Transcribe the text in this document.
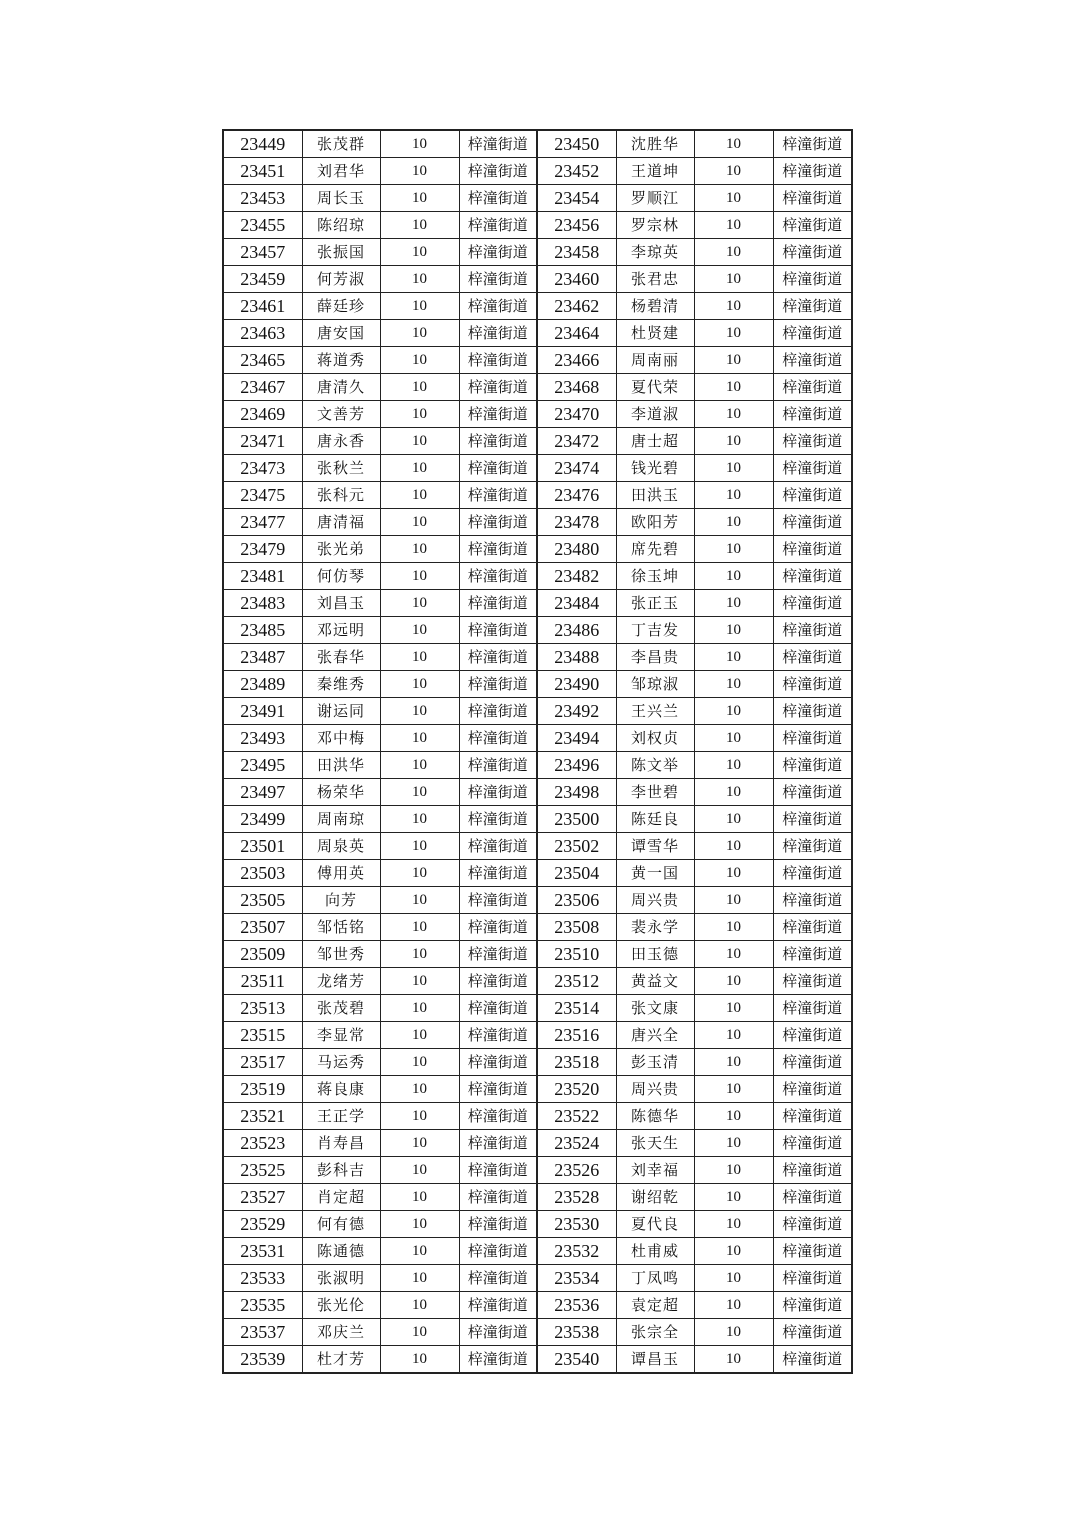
23449	张茂群	10	梓潼街道	23450	沈胜华	10	梓潼街道
23451	刘君华	10	梓潼街道	23452	王道坤	10	梓潼街道
23453	周长玉	10	梓潼街道	23454	罗顺江	10	梓潼街道
23455	陈绍琼	10	梓潼街道	23456	罗宗林	10	梓潼街道
23457	张振国	10	梓潼街道	23458	李琼英	10	梓潼街道
23459	何芳淑	10	梓潼街道	23460	张君忠	10	梓潼街道
23461	薛廷珍	10	梓潼街道	23462	杨碧清	10	梓潼街道
23463	唐安国	10	梓潼街道	23464	杜贤建	10	梓潼街道
23465	蒋道秀	10	梓潼街道	23466	周南丽	10	梓潼街道
23467	唐清久	10	梓潼街道	23468	夏代荣	10	梓潼街道
23469	文善芳	10	梓潼街道	23470	李道淑	10	梓潼街道
23471	唐永香	10	梓潼街道	23472	唐士超	10	梓潼街道
23473	张秋兰	10	梓潼街道	23474	钱光碧	10	梓潼街道
23475	张科元	10	梓潼街道	23476	田洪玉	10	梓潼街道
23477	唐清福	10	梓潼街道	23478	欧阳芳	10	梓潼街道
23479	张光弟	10	梓潼街道	23480	席先碧	10	梓潼街道
23481	何仿琴	10	梓潼街道	23482	徐玉坤	10	梓潼街道
23483	刘昌玉	10	梓潼街道	23484	张正玉	10	梓潼街道
23485	邓远明	10	梓潼街道	23486	丁吉发	10	梓潼街道
23487	张春华	10	梓潼街道	23488	李昌贵	10	梓潼街道
23489	秦维秀	10	梓潼街道	23490	邹琼淑	10	梓潼街道
23491	谢运同	10	梓潼街道	23492	王兴兰	10	梓潼街道
23493	邓中梅	10	梓潼街道	23494	刘权贞	10	梓潼街道
23495	田洪华	10	梓潼街道	23496	陈文举	10	梓潼街道
23497	杨荣华	10	梓潼街道	23498	李世碧	10	梓潼街道
23499	周南琼	10	梓潼街道	23500	陈廷良	10	梓潼街道
23501	周泉英	10	梓潼街道	23502	谭雪华	10	梓潼街道
23503	傅用英	10	梓潼街道	23504	黄一国	10	梓潼街道
23505	向芳	10	梓潼街道	23506	周兴贵	10	梓潼街道
23507	邹恬铭	10	梓潼街道	23508	裴永学	10	梓潼街道
23509	邹世秀	10	梓潼街道	23510	田玉德	10	梓潼街道
23511	龙绪芳	10	梓潼街道	23512	黄益文	10	梓潼街道
23513	张茂碧	10	梓潼街道	23514	张文康	10	梓潼街道
23515	李显常	10	梓潼街道	23516	唐兴全	10	梓潼街道
23517	马运秀	10	梓潼街道	23518	彭玉清	10	梓潼街道
23519	蒋良康	10	梓潼街道	23520	周兴贵	10	梓潼街道
23521	王正学	10	梓潼街道	23522	陈德华	10	梓潼街道
23523	肖寿昌	10	梓潼街道	23524	张天生	10	梓潼街道
23525	彭科吉	10	梓潼街道	23526	刘幸福	10	梓潼街道
23527	肖定超	10	梓潼街道	23528	谢绍乾	10	梓潼街道
23529	何有德	10	梓潼街道	23530	夏代良	10	梓潼街道
23531	陈通德	10	梓潼街道	23532	杜甫威	10	梓潼街道
23533	张淑明	10	梓潼街道	23534	丁凤鸣	10	梓潼街道
23535	张光伦	10	梓潼街道	23536	袁定超	10	梓潼街道
23537	邓庆兰	10	梓潼街道	23538	张宗全	10	梓潼街道
23539	杜才芳	10	梓潼街道	23540	谭昌玉	10	梓潼街道
